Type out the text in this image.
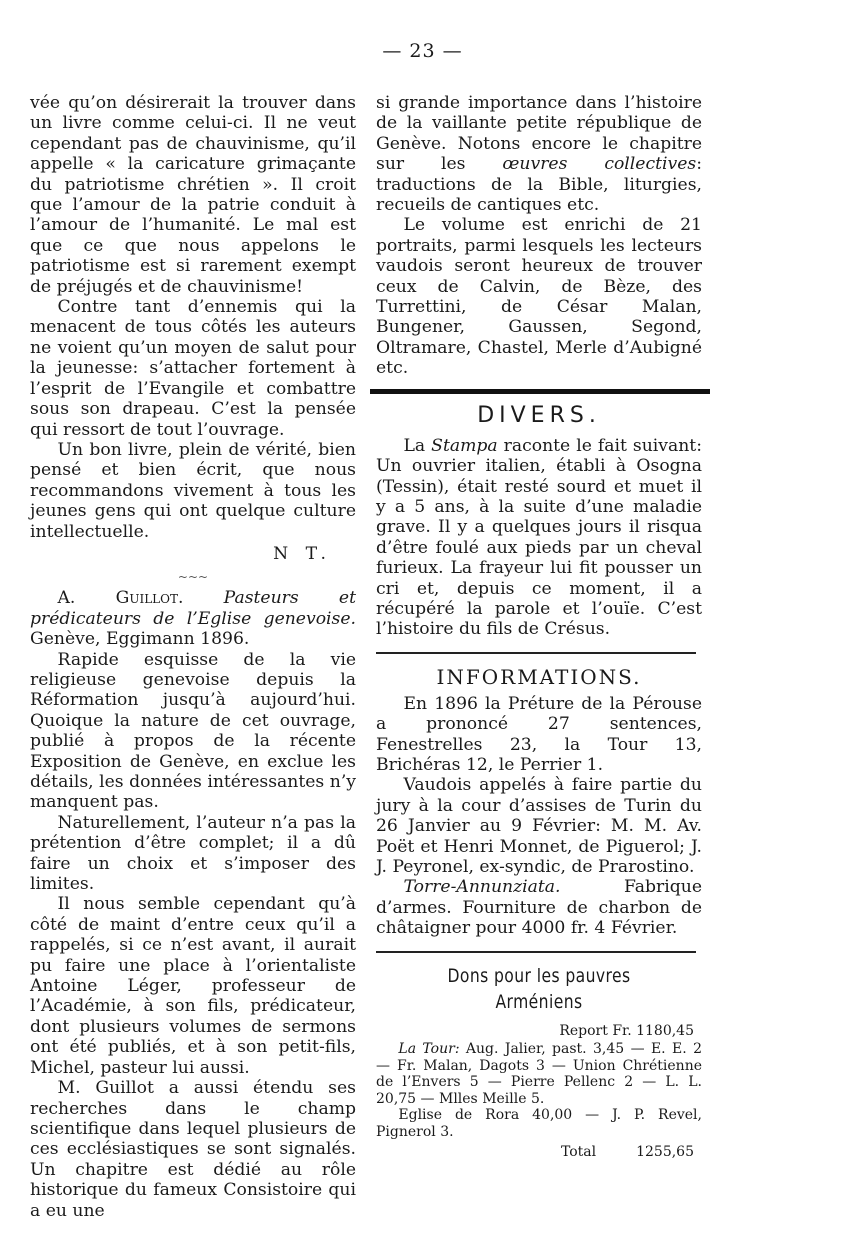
— 23 —

vée qu’on désirerait la trouver dans un livre comme celui-ci. Il ne veut cependant pas de chauvinisme, qu’il appelle « la caricature grimaçante du patriotisme chrétien ». Il croit que l’amour de la patrie conduit à l’amour de l’humanité. Le mal est que ce que nous appelons le patriotisme est si rarement exempt de préjugés et de chauvinisme!

Contre tant d’ennemis qui la menacent de tous côtés les auteurs ne voient qu’un moyen de salut pour la jeunesse: s’attacher fortement à l’esprit de l’Evangile et combattre sous son drapeau. C’est la pensée qui ressort de tout l’ouvrage.

Un bon livre, plein de vérité, bien pensé et bien écrit, que nous recommandons vivement à tous les jeunes gens qui ont quelque culture intellectuelle.

N T.

~~~

A. Guillot. Pasteurs et prédicateurs de l’Eglise genevoise. Genève, Eggimann 1896.

Rapide esquisse de la vie religieuse genevoise depuis la Réformation jusqu’à aujourd’hui. Quoique la nature de cet ouvrage, publié à propos de la récente Exposition de Genève, en exclue les détails, les données intéressantes n’y manquent pas.

Naturellement, l’auteur n’a pas la prétention d’être complet; il a dû faire un choix et s’imposer des limites.

Il nous semble cependant qu’à côté de maint d’entre ceux qu’il a rappelés, si ce n’est avant, il aurait pu faire une place à l’orientaliste Antoine Léger, professeur de l’Académie, à son fils, prédicateur, dont plusieurs volumes de sermons ont été publiés, et à son petit-fils, Michel, pasteur lui aussi.

M. Guillot a aussi étendu ses recherches dans le champ scientifique dans lequel plusieurs de ces ecclésiastiques se sont signalés. Un chapitre est dédié au rôle historique du fameux Consistoire qui a eu une

si grande importance dans l’histoire de la vaillante petite république de Genève. Notons encore le chapitre sur les œuvres collectives: traductions de la Bible, liturgies, recueils de cantiques etc.

Le volume est enrichi de 21 portraits, parmi lesquels les lecteurs vaudois seront heureux de trouver ceux de Calvin, de Bèze, des Turrettini, de César Malan, Bungener, Gaussen, Segond, Oltramare, Chastel, Merle d’Aubigné etc.

DIVERS.

La Stampa raconte le fait suivant: Un ouvrier italien, établi à Osogna (Tessin), était resté sourd et muet il y a 5 ans, à la suite d’une maladie grave. Il y a quelques jours il risqua d’être foulé aux pieds par un cheval furieux. La frayeur lui fit pousser un cri et, depuis ce moment, il a récupéré la parole et l’ouïe. C’est l’histoire du fils de Crésus.

INFORMATIONS.

En 1896 la Préture de la Pérouse a prononcé 27 sentences, Fenestrelles 23, la Tour 13, Brichéras 12, le Perrier 1.

Vaudois appelés à faire partie du jury à la cour d’assises de Turin du 26 Janvier au 9 Février: M. M. Av. Poët et Henri Monnet, de Piguerol; J. J. Peyronel, ex-syndic, de Prarostino.

Torre-Annunziata. Fabrique d’armes. Fourniture de charbon de châtaigner pour 4000 fr. 4 Février.

Dons pour les pauvres Arméniens
Report Fr. 1180,45

La Tour: Aug. Jalier, past. 3,45 — E. E. 2 — Fr. Malan, Dagots 3 — Union Chrétienne de l’Envers 5 — Pierre Pellenc 2 — L. L. 20,75 — Mlles Meille 5.

Eglise de Rora 40,00 — J. P. Revel, Pignerol 3.

Total	1255,65
